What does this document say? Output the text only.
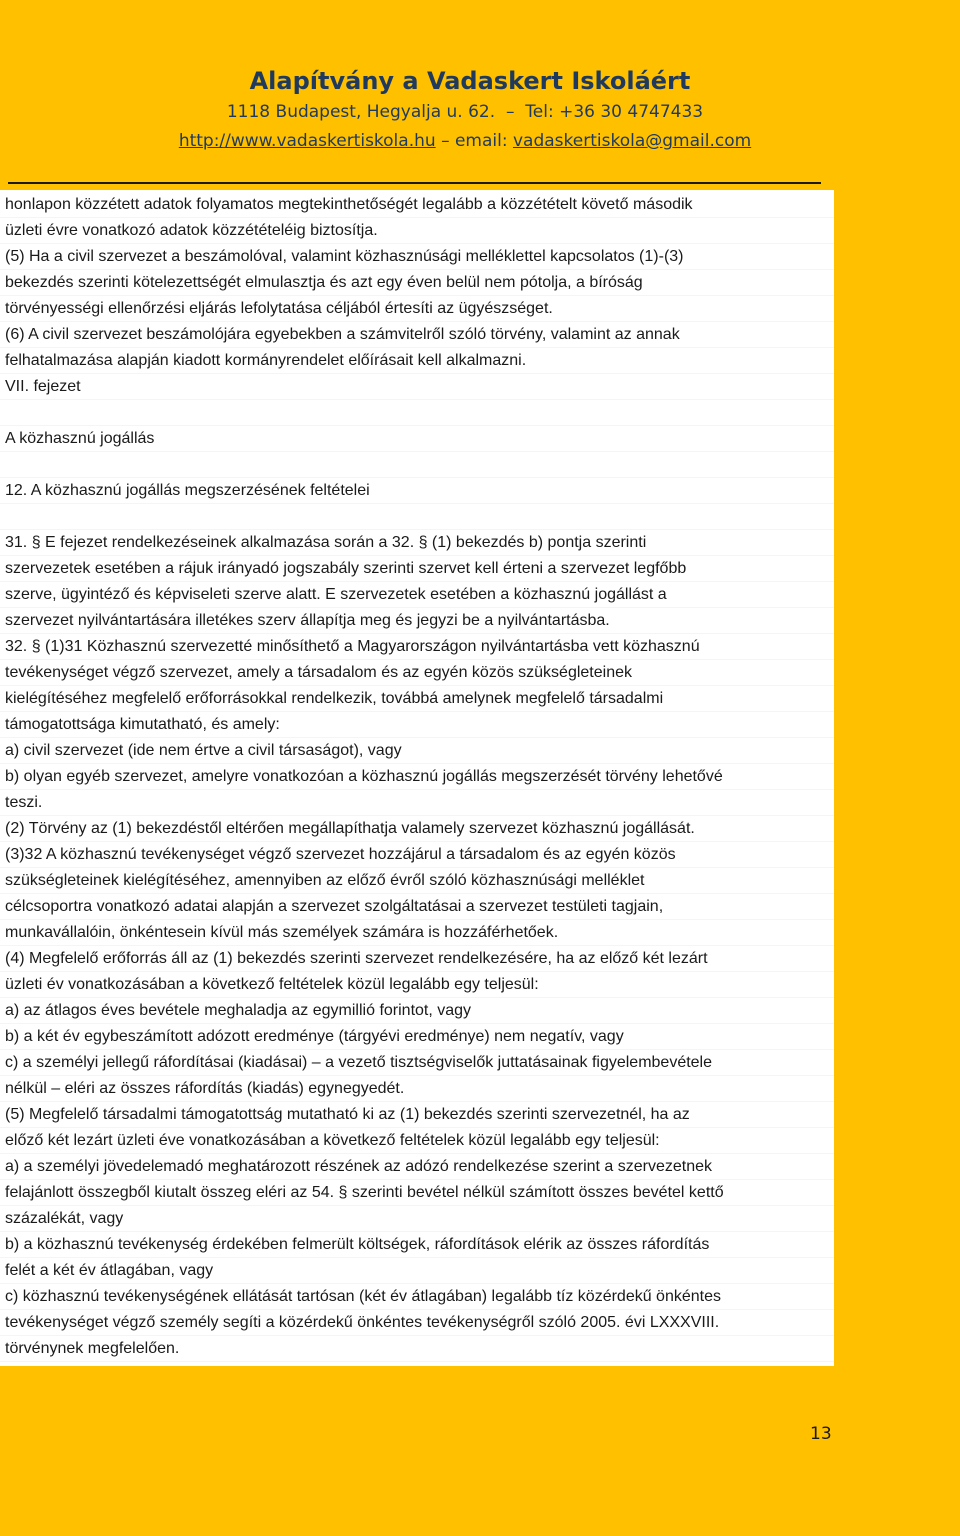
Alapítvány a Vadaskert Iskoláért
1118 Budapest, Hegyalja u. 62.  –  Tel: +36 30 4747433
http://www.vadaskertiskola.hu – email: vadaskertiskola@gmail.com
honlapon közzétett adatok folyamatos megtekinthetőségét legalább a közzétételt követő második
üzleti évre vonatkozó adatok közzétételéig biztosítja.
(5) Ha a civil szervezet a beszámolóval, valamint közhasznúsági melléklettel kapcsolatos (1)-(3)
bekezdés szerinti kötelezettségét elmulasztja és azt egy éven belül nem pótolja, a bíróság
törvényességi ellenőrzési eljárás lefolytatása céljából értesíti az ügyészséget.
(6) A civil szervezet beszámolójára egyebekben a számvitelről szóló törvény, valamint az annak
felhatalmazása alapján kiadott kormányrendelet előírásait kell alkalmazni.
VII. fejezet
A közhasznú jogállás
12. A közhasznú jogállás megszerzésének feltételei
31. § E fejezet rendelkezéseinek alkalmazása során a 32. § (1) bekezdés b) pontja szerinti
szervezetek esetében a rájuk irányadó jogszabály szerinti szervet kell érteni a szervezet legfőbb
szerve, ügyintéző és képviseleti szerve alatt. E szervezetek esetében a közhasznú jogállást a
szervezet nyilvántartására illetékes szerv állapítja meg és jegyzi be a nyilvántartásba.
32. § (1)31 Közhasznú szervezetté minősíthető a Magyarországon nyilvántartásba vett közhasznú
tevékenységet végző szervezet, amely a társadalom és az egyén közös szükségleteinek
kielégítéséhez megfelelő erőforrásokkal rendelkezik, továbbá amelynek megfelelő társadalmi
támogatottsága kimutatható, és amely:
a) civil szervezet (ide nem értve a civil társaságot), vagy
b) olyan egyéb szervezet, amelyre vonatkozóan a közhasznú jogállás megszerzését törvény lehetővé
teszi.
(2) Törvény az (1) bekezdéstől eltérően megállapíthatja valamely szervezet közhasznú jogállását.
(3)32 A közhasznú tevékenységet végző szervezet hozzájárul a társadalom és az egyén közös
szükségleteinek kielégítéséhez, amennyiben az előző évről szóló közhasznúsági melléklet
célcsoportra vonatkozó adatai alapján a szervezet szolgáltatásai a szervezet testületi tagjain,
munkavállalóin, önkéntesein kívül más személyek számára is hozzáférhetőek.
(4) Megfelelő erőforrás áll az (1) bekezdés szerinti szervezet rendelkezésére, ha az előző két lezárt
üzleti év vonatkozásában a következő feltételek közül legalább egy teljesül:
a) az átlagos éves bevétele meghaladja az egymillió forintot, vagy
b) a két év egybeszámított adózott eredménye (tárgyévi eredménye) nem negatív, vagy
c) a személyi jellegű ráfordításai (kiadásai) – a vezető tisztségviselők juttatásainak figyelembevétele
nélkül – eléri az összes ráfordítás (kiadás) egynegyedét.
(5) Megfelelő társadalmi támogatottság mutatható ki az (1) bekezdés szerinti szervezetnél, ha az
előző két lezárt üzleti éve vonatkozásában a következő feltételek közül legalább egy teljesül:
a) a személyi jövedelemadó meghatározott részének az adózó rendelkezése szerint a szervezetnek
felajánlott összegből kiutalt összeg eléri az 54. § szerinti bevétel nélkül számított összes bevétel kettő
százalékát, vagy
b) a közhasznú tevékenység érdekében felmerült költségek, ráfordítások elérik az összes ráfordítás
felét a két év átlagában, vagy
c) közhasznú tevékenységének ellátását tartósan (két év átlagában) legalább tíz közérdekű önkéntes
tevékenységet végző személy segíti a közérdekű önkéntes tevékenységről szóló 2005. évi LXXXVIII.
törvénynek megfelelően.
13
